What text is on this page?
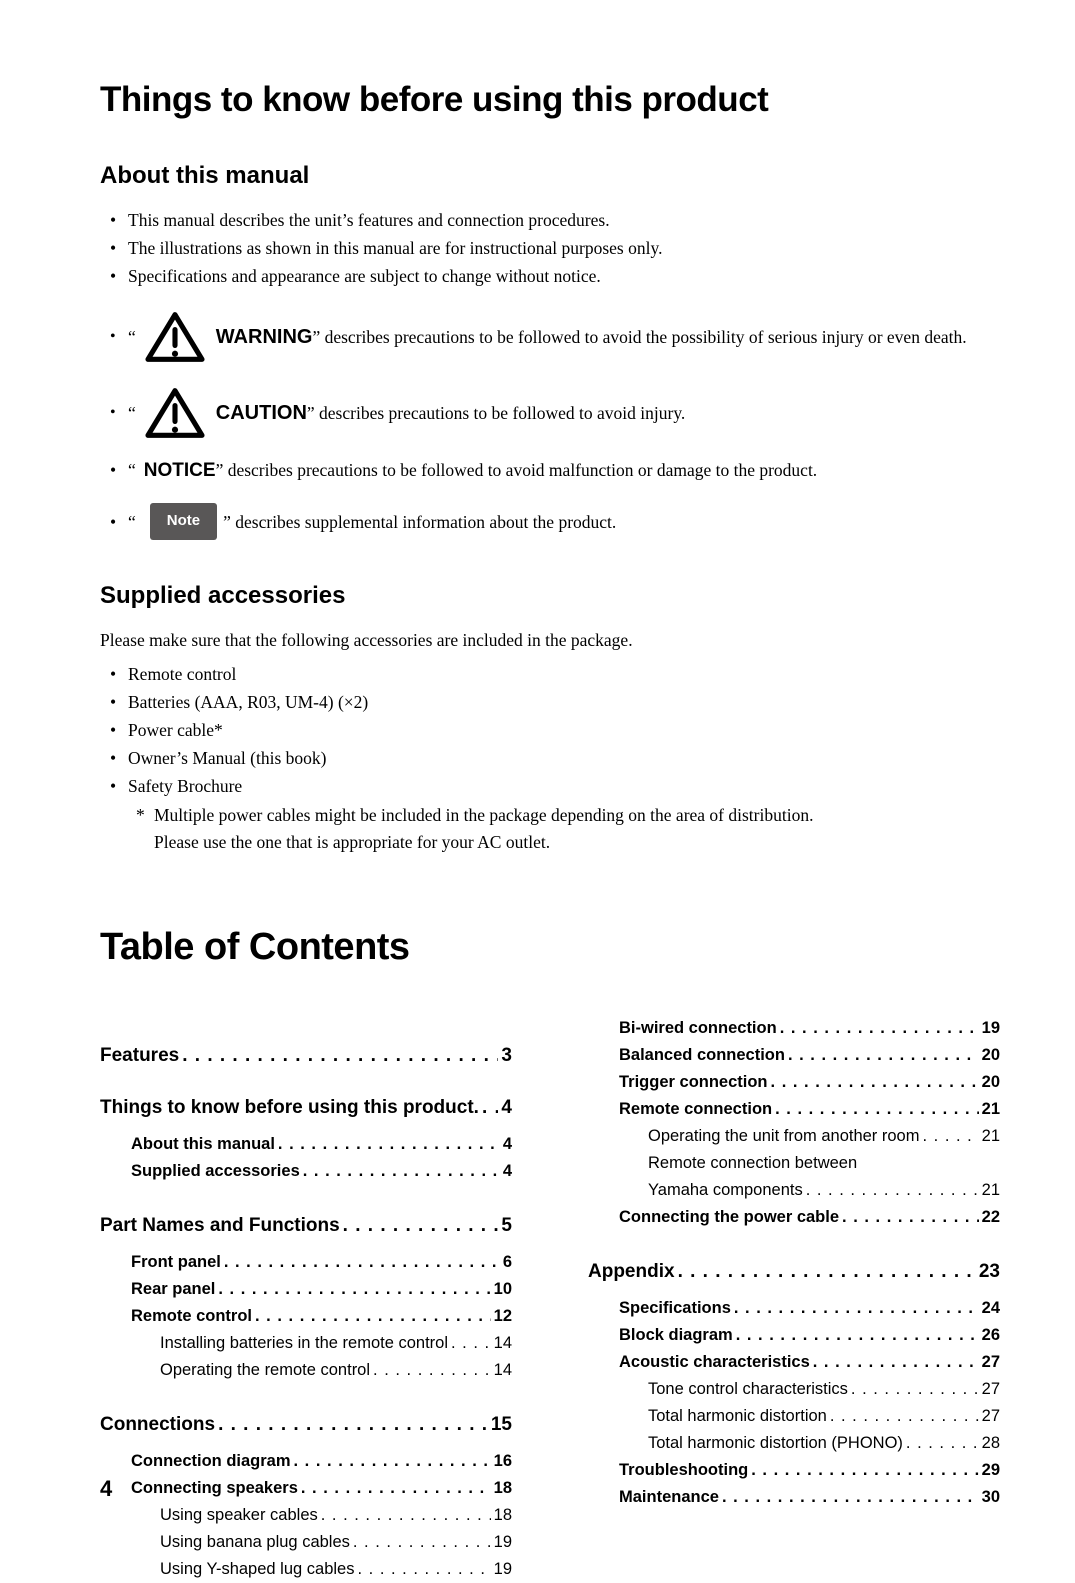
Things to know before using this product
About this manual
•
This manual describes the unit’s features and connection procedures.
•
The illustrations as shown in this manual are for instructional purposes only.
•
Specifications and appearance are subject to change without notice.
•
“	WARNING” describes precautions to be followed to avoid the possibility of serious injury or even death.
•
“	CAUTION” describes precautions to be followed to avoid injury.
•
“ NOTICE” describes precautions to be followed to avoid malfunction or damage to the product.
•
“	Note	” describes supplemental information about the product.
Supplied accessories

Please make sure that the following accessories are included in the package.

•
Remote control
•
Batteries (AAA, R03, UM-4) (×2)
•
Power cable*
•
Owner’s Manual (this book)
•
Safety Brochure
* Multiple power cables might be included in the package depending on the area of distribution.
Please use the one that is appropriate for your AC outlet.
Table of Contents
Features . . .	3
Things to know before using this product. . . . 4
About this manual . . .	4
Supplied accessories . . .	4
Part Names and Functions . . .	5
Front panel . . .	6
Rear panel . . .	10
Remote control . . .	12
Installing batteries in the remote control . . .	14
Operating the remote control . . .	14
Connections . . .	15
Connection diagram . . .	16
Connecting speakers . . .	18
Using speaker cables . . .	18
Using banana plug cables . . .	19
Using Y-shaped lug cables . . .	19
Bi-wired connection . . .	19
Balanced connection . . .	20
Trigger connection . . .	20
Remote connection . . .	21
Operating the unit from another room . . .	21
Remote connection between
Yamaha components . . .	21
Connecting the power cable . . .	22
Appendix . . .	23
Specifications . . .	24
Block diagram . . .	26
Acoustic characteristics . . .	27
Tone control characteristics . . .	27
Total harmonic distortion . . .	27
Total harmonic distortion (PHONO) . . .	28
Troubleshooting . . .	29
Maintenance . . .	30
4
